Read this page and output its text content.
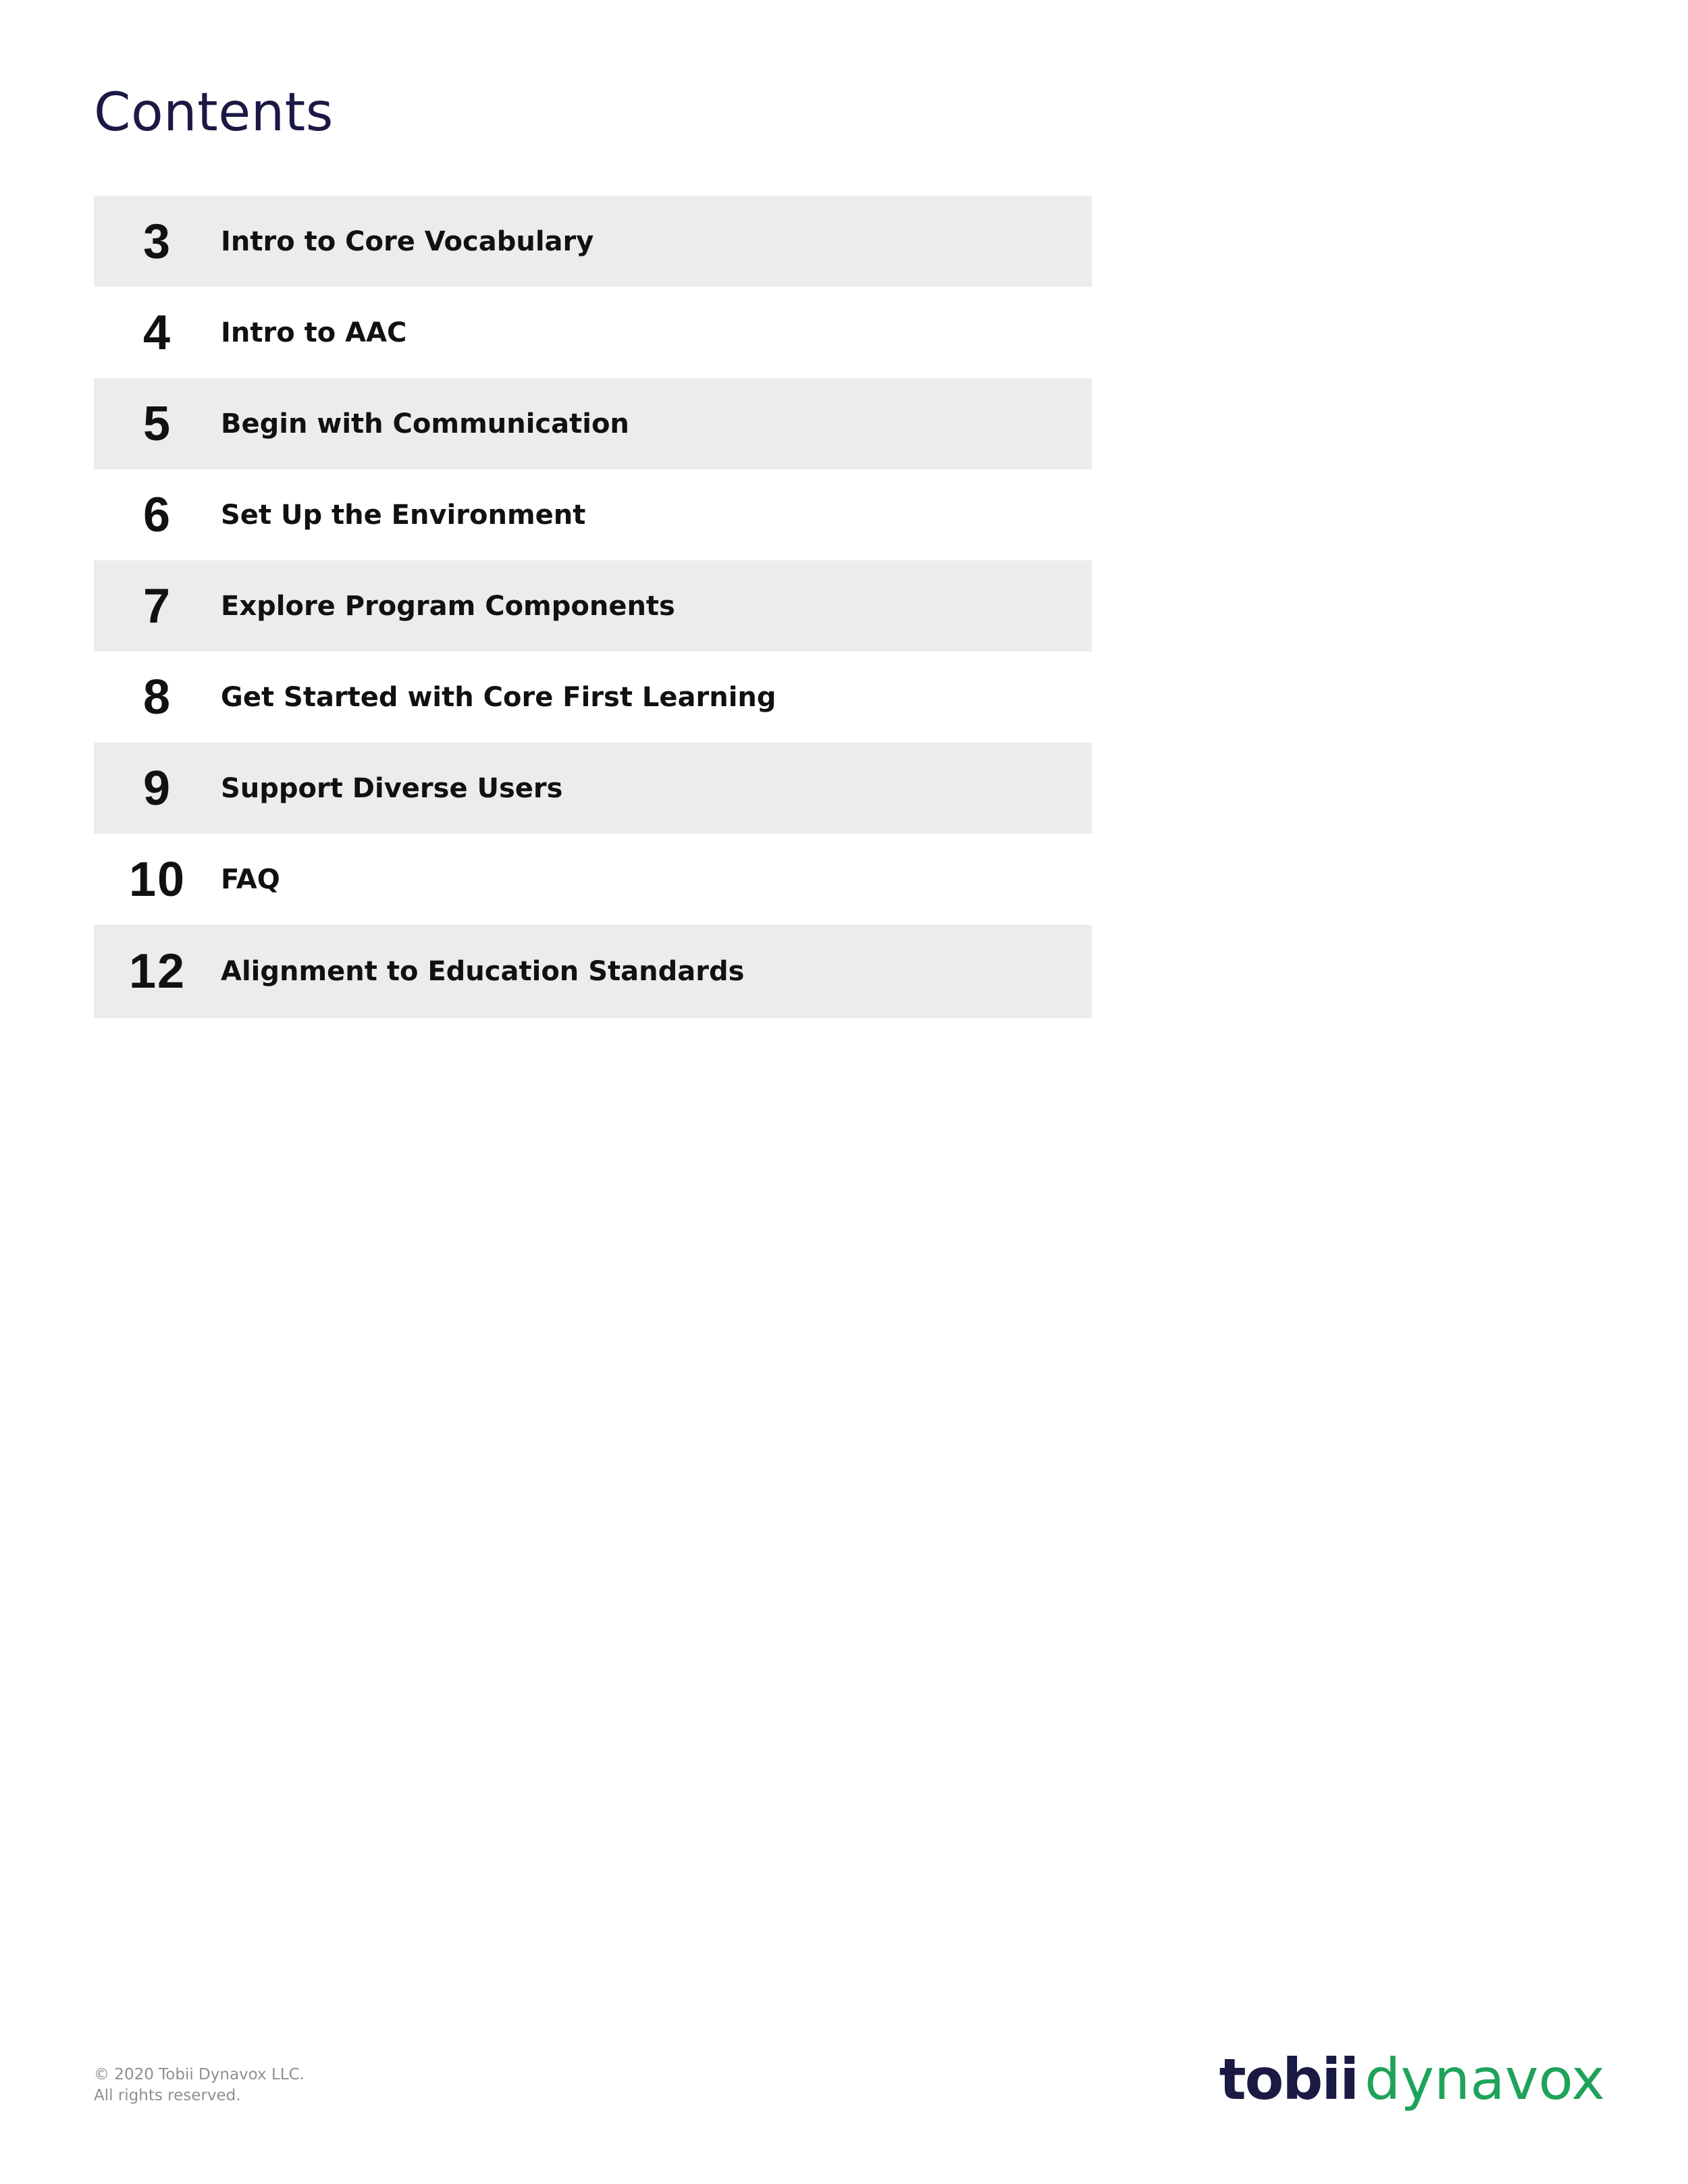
Contents
3	Intro to Core Vocabulary
4	Intro to AAC
5	Begin with Communication
6	Set Up the Environment
7	Explore Program Components
8	Get Started with Core First Learning
9	Support Diverse Users
10	FAQ
12	Alignment to Education Standards
© 2020 Tobii Dynavox LLC.
All rights reserved.	tobii dynavox
